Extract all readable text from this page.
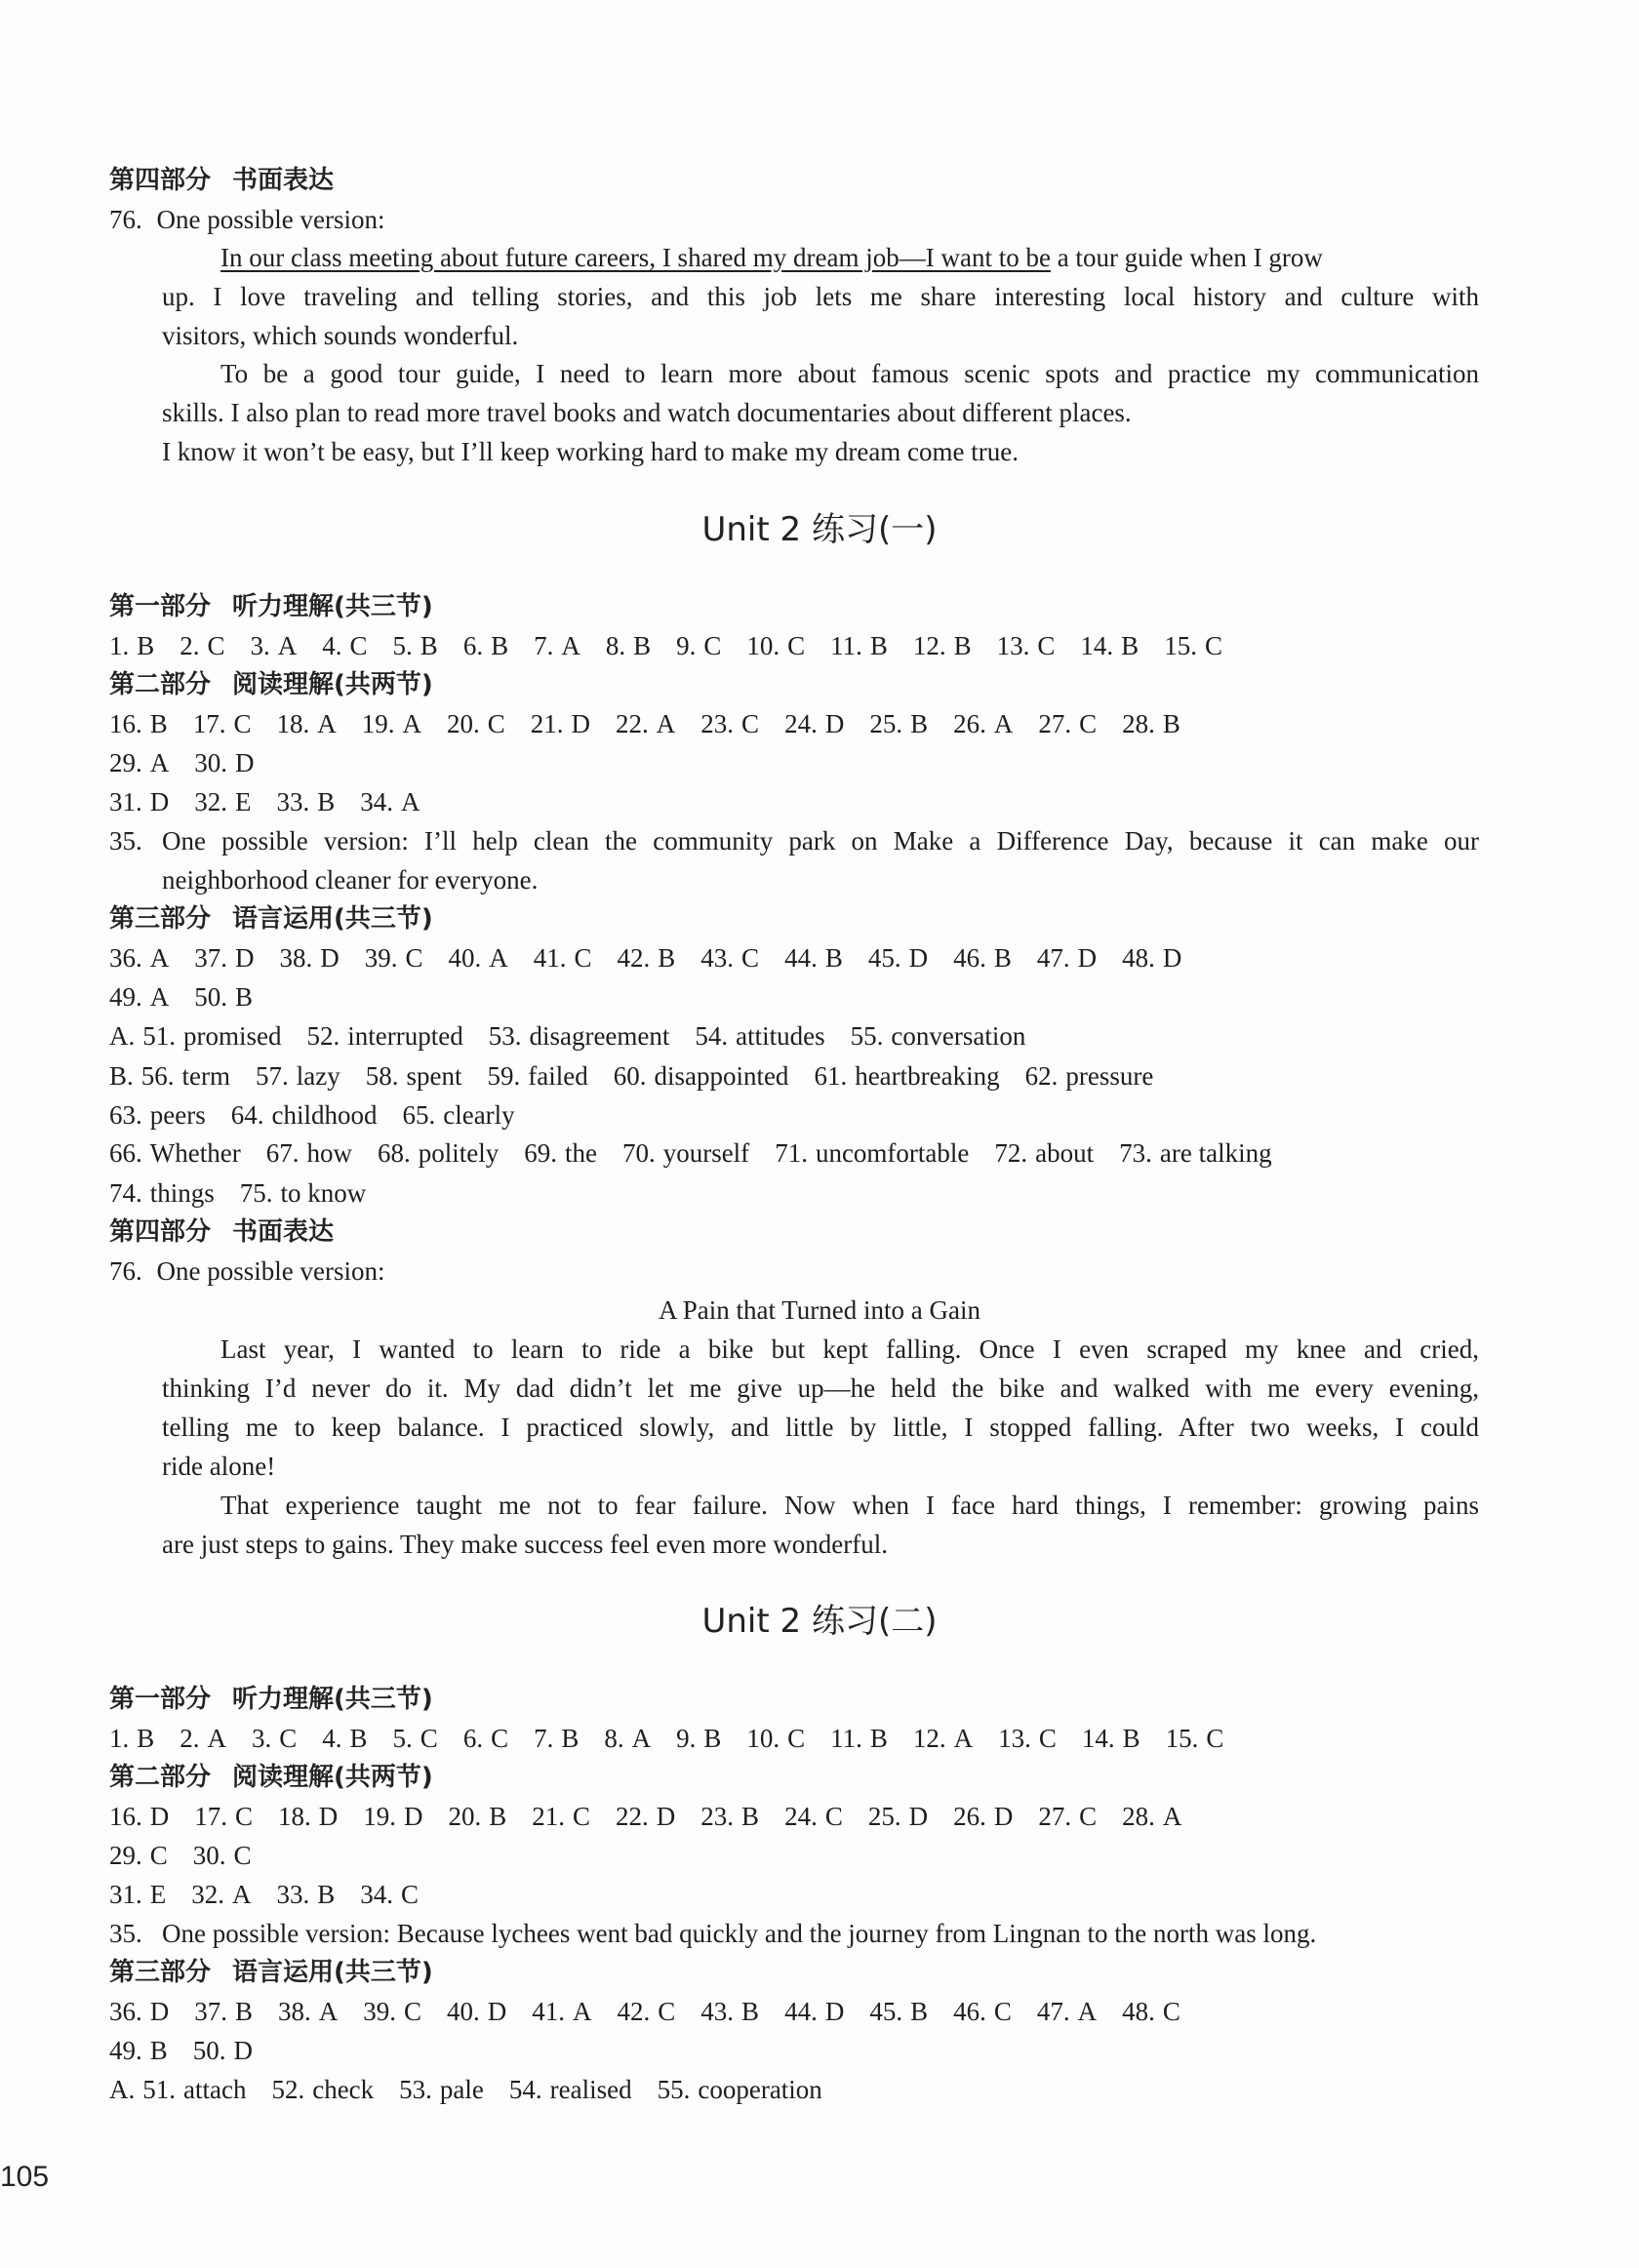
第四部分 书面表达
76. One possible version:
In our class meeting about future careers, I shared my dream job—I want to be a tour guide when I grow
up. I love traveling and telling stories, and this job lets me share interesting local history and culture with
visitors, which sounds wonderful.
To be a good tour guide, I need to learn more about famous scenic spots and practice my communication
skills. I also plan to read more travel books and watch documentaries about different places.
I know it won’t be easy, but I’ll keep working hard to make my dream come true.
Unit 2 练习(一)
第一部分 听力理解(共三节)
1. B 2. C 3. A 4. C 5. B 6. B 7. A 8. B 9. C 10. C 11. B 12. B 13. C 14. B 15. C
第二部分 阅读理解(共两节)
16. B 17. C 18. A 19. A 20. C 21. D 22. A 23. C 24. D 25. B 26. A 27. C 28. B
29. A 30. D
31. D 32. E 33. B 34. A
35. One possible version: I’ll help clean the community park on Make a Difference Day, because it can make our
neighborhood cleaner for everyone.
第三部分 语言运用(共三节)
36. A 37. D 38. D 39. C 40. A 41. C 42. B 43. C 44. B 45. D 46. B 47. D 48. D
49. A 50. B
A. 51. promised 52. interrupted 53. disagreement 54. attitudes 55. conversation
B. 56. term 57. lazy 58. spent 59. failed 60. disappointed 61. heartbreaking 62. pressure
63. peers 64. childhood 65. clearly
66. Whether 67. how 68. politely 69. the 70. yourself 71. uncomfortable 72. about 73. are talking
74. things 75. to know
第四部分 书面表达
76. One possible version:
A Pain that Turned into a Gain
Last year, I wanted to learn to ride a bike but kept falling. Once I even scraped my knee and cried,
thinking I’d never do it. My dad didn’t let me give up—he held the bike and walked with me every evening,
telling me to keep balance. I practiced slowly, and little by little, I stopped falling. After two weeks, I could
ride alone!
That experience taught me not to fear failure. Now when I face hard things, I remember: growing pains
are just steps to gains. They make success feel even more wonderful.
Unit 2 练习(二)
第一部分 听力理解(共三节)
1. B 2. A 3. C 4. B 5. C 6. C 7. B 8. A 9. B 10. C 11. B 12. A 13. C 14. B 15. C
第二部分 阅读理解(共两节)
16. D 17. C 18. D 19. D 20. B 21. C 22. D 23. B 24. C 25. D 26. D 27. C 28. A
29. C 30. C
31. E 32. A 33. B 34. C
35. One possible version: Because lychees went bad quickly and the journey from Lingnan to the north was long.
第三部分 语言运用(共三节)
36. D 37. B 38. A 39. C 40. D 41. A 42. C 43. B 44. D 45. B 46. C 47. A 48. C
49. B 50. D
A. 51. attach 52. check 53. pale 54. realised 55. cooperation
105
